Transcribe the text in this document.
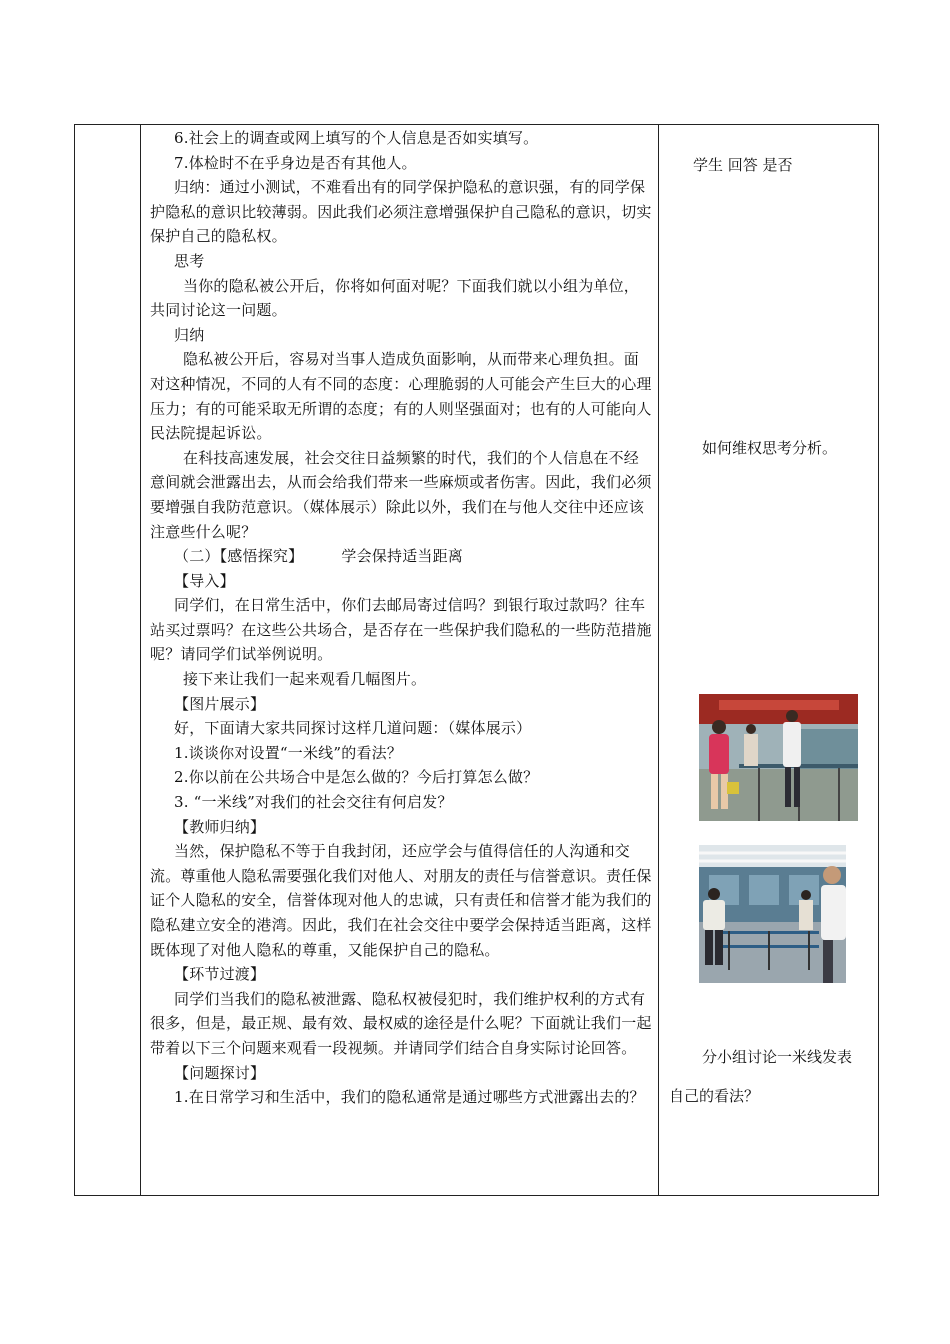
6.社会上的调查或网上填写的个人信息是否如实填写。

7.体检时不在乎身边是否有其他人。

归纳：通过小测试，不难看出有的同学保护隐私的意识强，有的同学保护隐私的意识比较薄弱。因此我们必须注意增强保护自己隐私的意识，切实保护自己的隐私权。

思考

当你的隐私被公开后，你将如何面对呢？下面我们就以小组为单位，共同讨论这一问题。

归纳

隐私被公开后，容易对当事人造成负面影响，从而带来心理负担。面对这种情况，不同的人有不同的态度：心理脆弱的人可能会产生巨大的心理压力；有的可能采取无所谓的态度；有的人则坚强面对；也有的人可能向人民法院提起诉讼。

在科技高速发展，社会交往日益频繁的时代，我们的个人信息在不经意间就会泄露出去，从而会给我们带来一些麻烦或者伤害。因此，我们必须要增强自我防范意识。（媒体展示）除此以外，我们在与他人交往中还应该注意些什么呢？

（二）【感悟探究】　　　学会保持适当距离

【导入】

同学们，在日常生活中，你们去邮局寄过信吗？到银行取过款吗？往车站买过票吗？在这些公共场合，是否存在一些保护我们隐私的一些防范措施呢？请同学们试举例说明。

接下来让我们一起来观看几幅图片。

【图片展示】

好，下面请大家共同探讨这样几道问题：（媒体展示）

1.谈谈你对设置“一米线”的看法？

2.你以前在公共场合中是怎么做的？今后打算怎么做？

3. “一米线”对我们的社会交往有何启发？

【教师归纳】

当然，保护隐私不等于自我封闭，还应学会与值得信任的人沟通和交流。尊重他人隐私需要强化我们对他人、对朋友的责任与信誉意识。责任保证个人隐私的安全，信誉体现对他人的忠诚，只有责任和信誉才能为我们的隐私建立安全的港湾。因此，我们在社会交往中要学会保持适当距离，这样既体现了对他人隐私的尊重，又能保护自己的隐私。

【环节过渡】

同学们当我们的隐私被泄露、隐私权被侵犯时，我们维护权利的方式有很多，但是，最正规、最有效、最权威的途径是什么呢？下面就让我们一起带着以下三个问题来观看一段视频。并请同学们结合自身实际讨论回答。

【问题探讨】

1.在日常学习和生活中，我们的隐私通常是通过哪些方式泄露出去的？

学生 回答 是否
如何维权思考分析。
分小组讨论一米线发表
自己的看法？
